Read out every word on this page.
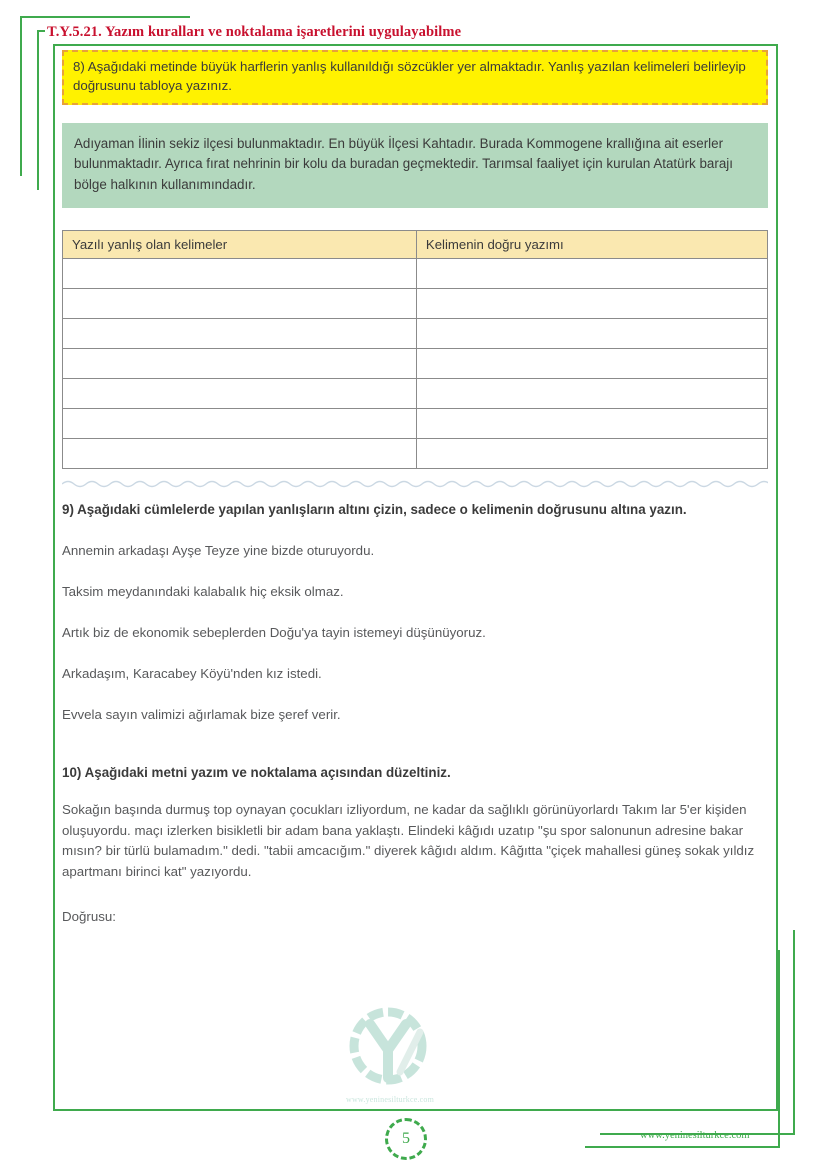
T.Y.5.21. Yazım kuralları ve noktalama işaretlerini uygulayabilme
8) Aşağıdaki metinde büyük harflerin yanlış kullanıldığı sözcükler yer almaktadır. Yanlış yazılan kelimeleri belirleyip doğrusunu tabloya yazınız.
Adıyaman İlinin sekiz ilçesi bulunmaktadır. En büyük İlçesi Kahtadır. Burada Kommogene krallığına ait eserler bulunmaktadır. Ayrıca fırat nehrinin bir kolu da buradan geçmektedir. Tarımsal faaliyet için kurulan Atatürk barajı bölge halkının kullanımındadır.
Yazılı yanlış olan kelimeler	Kelimenin doğru yazımı

9) Aşağıdaki cümlelerde yapılan yanlışların altını çizin, sadece o kelimenin doğrusunu altına yazın.
Annemin arkadaşı Ayşe Teyze yine bizde oturuyordu.
Taksim meydanındaki kalabalık hiç eksik olmaz.
Artık biz de ekonomik sebeplerden Doğu'ya tayin istemeyi düşünüyoruz.
Arkadaşım, Karacabey Köyü'nden kız istedi.
Evvela sayın valimizi ağırlamak bize şeref verir.
10) Aşağıdaki metni yazım ve noktalama açısından düzeltiniz.
Sokağın başında durmuş top oynayan çocukları izliyordum, ne kadar da sağlıklı görünüyorlardı Takım lar 5'er kişiden oluşuyordu. maçı izlerken bisikletli bir adam bana yaklaştı. Elindeki kâğıdı uzatıp "şu spor salonunun adresine bakar mısın? bir türlü bulamadım." dedi. "tabii amcacığım." diyerek kâğıdı aldım. Kâğıtta "çiçek mahallesi güneş sokak yıldız apartmanı birinci kat" yazıyordu.
Doğrusu:
www.yeninesilturkce.com
www.yeninesilturkce.com
5
